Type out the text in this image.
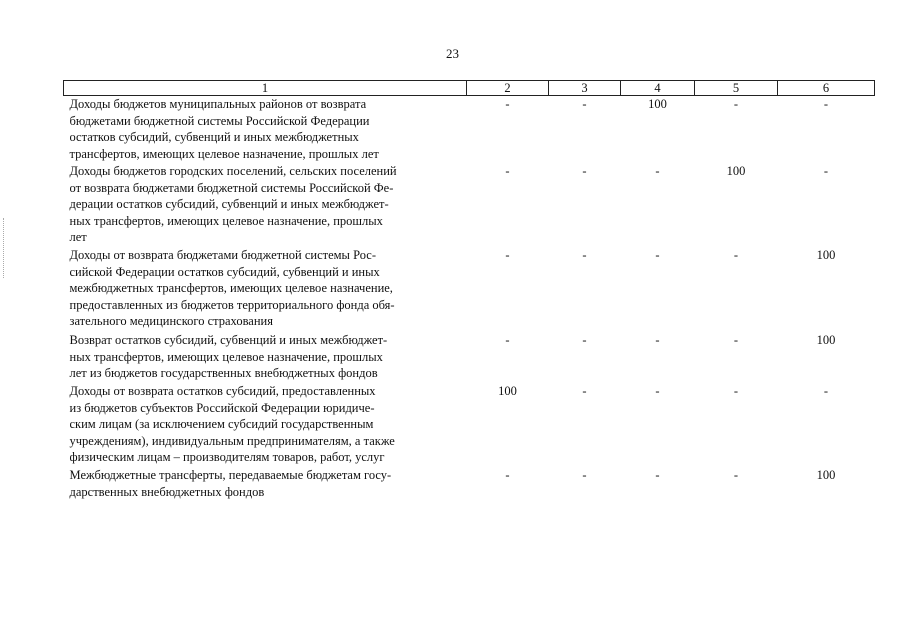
23
1	2	3	4	5	6

Доходы бюджетов муниципальных районов от возврата
бюджетами бюджетной системы Российской Федерации
остатков субсидий, субвенций и иных межбюджетных
трансфертов, имеющих целевое назначение, прошлых лет	-	-	100	-	-

Доходы бюджетов городских поселений, сельских поселений
от возврата бюджетами бюджетной системы Российской Фе-
дерации остатков субсидий, субвенций и иных межбюджет-
ных трансфертов, имеющих целевое назначение, прошлых
лет	-	-	-	100	-

Доходы от возврата бюджетами бюджетной системы Рос-
сийской Федерации остатков субсидий, субвенций и иных
межбюджетных трансфертов, имеющих целевое назначение,
предоставленных из бюджетов территориального фонда обя-
зательного медицинского страхования	-	-	-	-	100

Возврат остатков субсидий, субвенций и иных межбюджет-
ных трансфертов, имеющих целевое назначение, прошлых
лет из бюджетов государственных внебюджетных фондов	-	-	-	-	100

Доходы от возврата остатков субсидий, предоставленных
из бюджетов субъектов Российской Федерации юридиче-
ским лицам (за исключением субсидий государственным
учреждениям), индивидуальным предпринимателям, а также
физическим лицам – производителям товаров, работ, услуг	100	-	-	-	-

Межбюджетные трансферты, передаваемые бюджетам госу-
дарственных внебюджетных фондов	-	-	-	-	100
